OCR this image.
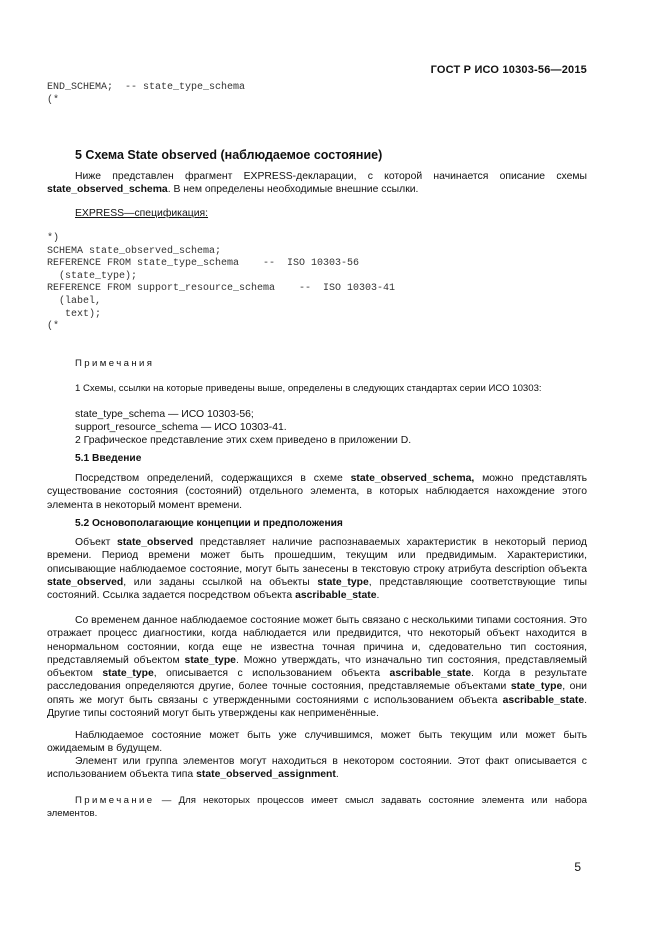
ГОСТ Р ИСО 10303-56—2015
END_SCHEMA;  -- state_type_schema
(*
5 Схема State observed (наблюдаемое состояние)
Ниже представлен фрагмент EXPRESS-декларации, с которой начинается описание схемы state_observed_schema. В нем определены необходимые внешние ссылки.
EXPRESS—спецификация:
*)
SCHEMA state_observed_schema;
REFERENCE FROM state_type_schema    --  ISO 10303-56
(state_type);
REFERENCE FROM support_resource_schema    --  ISO 10303-41
(label,
text);
(*
Примечания
1 Схемы, ссылки на которые приведены выше, определены в следующих стандартах серии ИСО 10303:
state_type_schema — ИСО 10303-56;
support_resource_schema — ИСО 10303-41.
2 Графическое представление этих схем приведено в приложении D.
5.1 Введение
Посредством определений, содержащихся в схеме state_observed_schema, можно представлять существование состояния (состояний) отдельного элемента, в которых наблюдается нахождение этого элемента в некоторый момент времени.
5.2 Основополагающие концепции и предположения
Объект state_observed представляет наличие распознаваемых характеристик в некоторый период времени. Период времени может быть прошедшим, текущим или предвидимым. Характеристики, описывающие наблюдаемое состояние, могут быть занесены в текстовую строку атрибута description объекта state_observed, или заданы ссылкой на объекты state_type, представляющие соответствующие типы состояний. Ссылка задается посредством объекта ascribable_state.
Со временем данное наблюдаемое состояние может быть связано с несколькими типами состояния. Это отражает процесс диагностики, когда наблюдается или предвидится, что некоторый объект находится в ненормальном состоянии, когда еще не известна точная причина и, сдедовательно тип состояния, представляемый объектом state_type. Можно утверждать, что изначально тип состояния, представляемый объектом state_type, описывается с использованием объекта ascribable_state. Когда в результате расследования определяются другие, более точные состояния, представляемые объектами state_type, они опять же могут быть связаны с утвержденными состояниями с использованием объекта ascribable_state. Другие типы состояний могут быть утверждены как неприменённые.
Наблюдаемое состояние может быть уже случившимся, может быть текущим или может быть ожидаемым в будущем.
Элемент или группа элементов могут находиться в некотором состоянии. Этот факт описывается с использованием объекта типа state_observed_assignment.
Примечание — Для некоторых процессов имеет смысл задавать состояние элемента или набора элементов.
5
